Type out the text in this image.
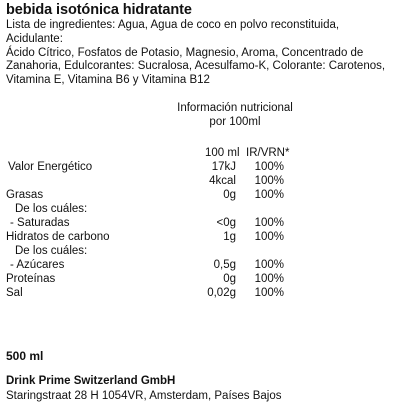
bebida isotónica hidratante
Lista de ingredientes: Agua, Agua de coco en polvo reconstituida, Acidulante:
Ácido Cítrico, Fosfatos de Potasio, Magnesio, Aroma, Concentrado de
Zanahoria, Edulcorantes: Sucralosa, Acesulfamo-K, Colorante: Carotenos,
Vitamina E, Vitamina B6 y Vitamina B12
Información nutricional
por 100ml
100 ml IR/VRN*
Valor Energético	17kJ 100%
4kcal 100%
Grasas	0g 100%
De los cuáles:
- Saturadas	<0g 100%
Hidratos de carbono	1g 100%
De los cuáles:
- Azúcares	0,5g 100%
Proteínas	0g 100%
Sal	0,02g 100%
500 ml
Drink Prime Switzerland GmbH
Staringstraat 28 H 1054VR, Amsterdam, Países Bajos
